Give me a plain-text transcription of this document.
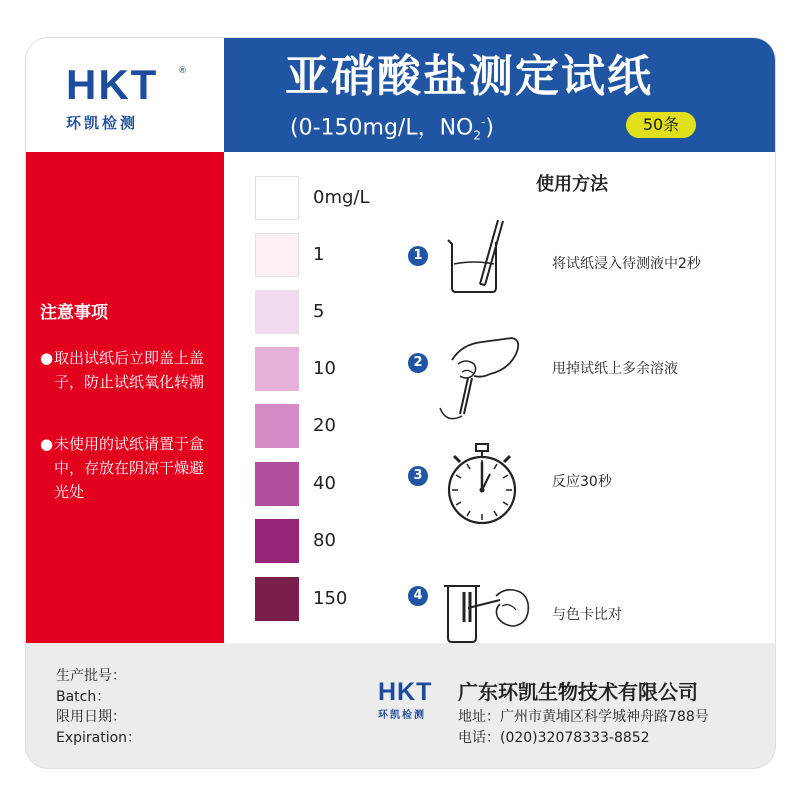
HKT ®
环凯检测
亚硝酸盐测定试纸
(0-150mg/L，$NO_2^-$)	50条
注意事项
●取出试纸后立即盖上盖子，防止试纸氧化转潮
●未使用的试纸请置于盒中，存放在阴凉干燥避光处
0mg/L
1
5
10
20
40
80
150
使用方法
1
将试纸浸入待测液中2秒
2	甩掉试纸上多余溶液
3	反应30秒
4
与色卡比对
生产批号：
Batch：
限用日期：
Expiration：
HKT
环凯检测
广东环凯生物技术有限公司
地址：广州市黄埔区科学城神舟路788号
电话：(020)32078333-8852
